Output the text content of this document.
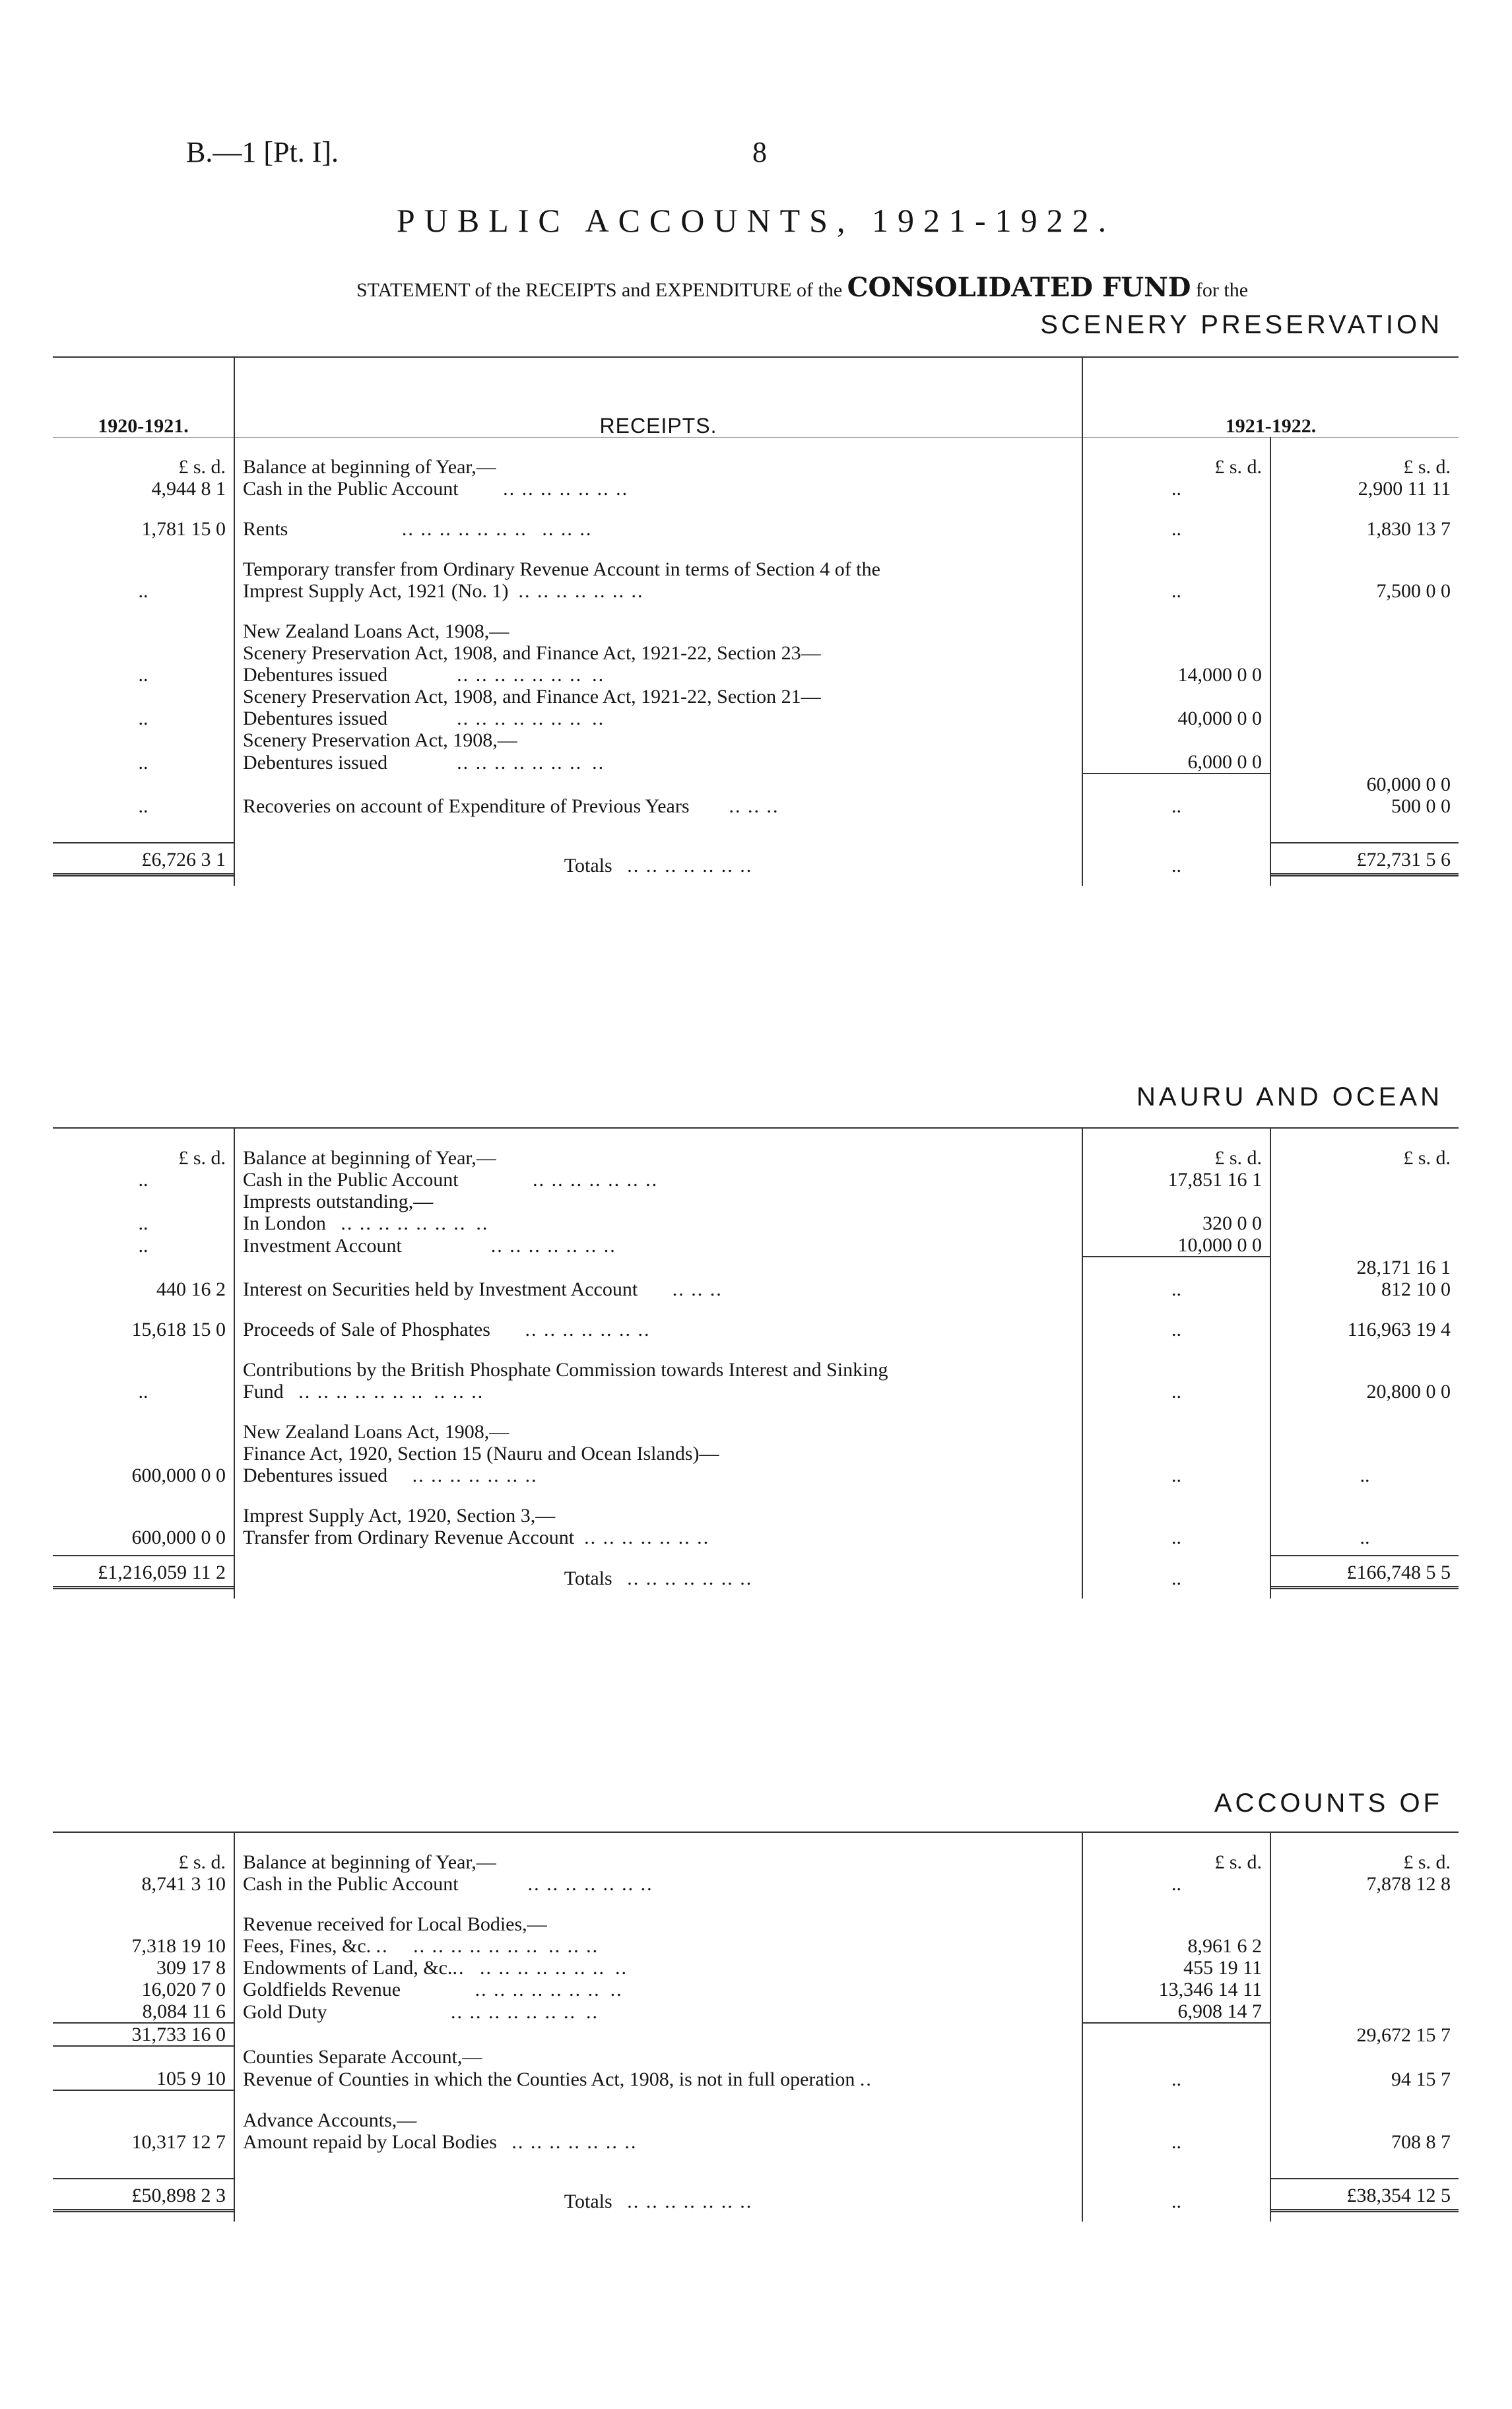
B.—1 [Pt. I].	8
PUBLIC ACCOUNTS, 1921-1922.
STATEMENT of the RECEIPTS and EXPENDITURE of the CONSOLIDATED FUND for the
SCENERY PRESERVATION
1920-1921.	RECEIPTS.	1921-1922.	

£ s. d.	Balance at beginning of Year,—	£ s. d.	£ s. d.
4,944 8 1	Cash in the Public Account .. .. .. .. .. .. ..	..	2,900 11 11

1,781 15 0	Rents .. .. .. .. .. .. .. .. .. ..	..	1,830 13 7

	Temporary transfer from Ordinary Revenue Account in terms of Section 4 of the		
..	Imprest Supply Act, 1921 (No. 1) .. .. .. .. .. .. ..	..	7,500 0 0

	New Zealand Loans Act, 1908,—		
	Scenery Preservation Act, 1908, and Finance Act, 1921-22, Section 23—		
..	Debentures issued .. .. .. .. .. .. .. ..	14,000 0 0	
	Scenery Preservation Act, 1908, and Finance Act, 1921-22, Section 21—		
..	Debentures issued .. .. .. .. .. .. .. ..	40,000 0 0	
	Scenery Preservation Act, 1908,—		
..	Debentures issued .. .. .. .. .. .. .. ..	6,000 0 0	
			60,000 0 0
..	Recoveries on account of Expenditure of Previous Years .. .. ..	..	500 0 0

£6,726 3 1	Totals .. .. .. .. .. .. ..	..	£72,731 5 6
NAURU AND OCEAN

£ s. d.	Balance at beginning of Year,—	£ s. d.	£ s. d.
..	Cash in the Public Account .. .. .. .. .. .. ..	17,851 16 1	
	Imprests outstanding,—		
..	In London .. .. .. .. .. .. .. ..	320 0 0	
..	Investment Account .. .. .. .. .. .. ..	10,000 0 0	
			28,171 16 1
440 16 2	Interest on Securities held by Investment Account .. .. ..	..	812 10 0

15,618 15 0	Proceeds of Sale of Phosphates .. .. .. .. .. .. ..	..	116,963 19 4

	Contributions by the British Phosphate Commission towards Interest and Sinking		
..	Fund .. .. .. .. .. .. .. .. .. ..	..	20,800 0 0

	New Zealand Loans Act, 1908,—		
	Finance Act, 1920, Section 15 (Nauru and Ocean Islands)—		
600,000 0 0	Debentures issued .. .. .. .. .. .. ..	..	..

	Imprest Supply Act, 1920, Section 3,—		
600,000 0 0	Transfer from Ordinary Revenue Account .. .. .. .. .. .. ..	..	..
£1,216,059 11 2	Totals .. .. .. .. .. .. ..	..	£166,748 5 5
ACCOUNTS OF

£ s. d.	Balance at beginning of Year,—	£ s. d.	£ s. d.
8,741 3 10	Cash in the Public Account .. .. .. .. .. .. ..	..	7,878 12 8

	Revenue received for Local Bodies,—		
7,318 19 10	Fees, Fines, &c. .. .. .. .. .. .. .. .. .. .. ..	8,961 6 2	
309 17 8	Endowments of Land, &c... .. .. .. .. .. .. .. ..	455 19 11	
16,020 7 0	Goldfields Revenue .. .. .. .. .. .. .. ..	13,346 14 11	
8,084 11 6	Gold Duty .. .. .. .. .. .. .. ..	6,908 14 7	
31,733 16 0			29,672 15 7
	Counties Separate Account,—		
105 9 10	Revenue of Counties in which the Counties Act, 1908, is not in full operation ..	..	94 15 7

	Advance Accounts,—		
10,317 12 7	Amount repaid by Local Bodies .. .. .. .. .. .. ..	..	708 8 7

£50,898 2 3	Totals .. .. .. .. .. .. ..	..	£38,354 12 5
